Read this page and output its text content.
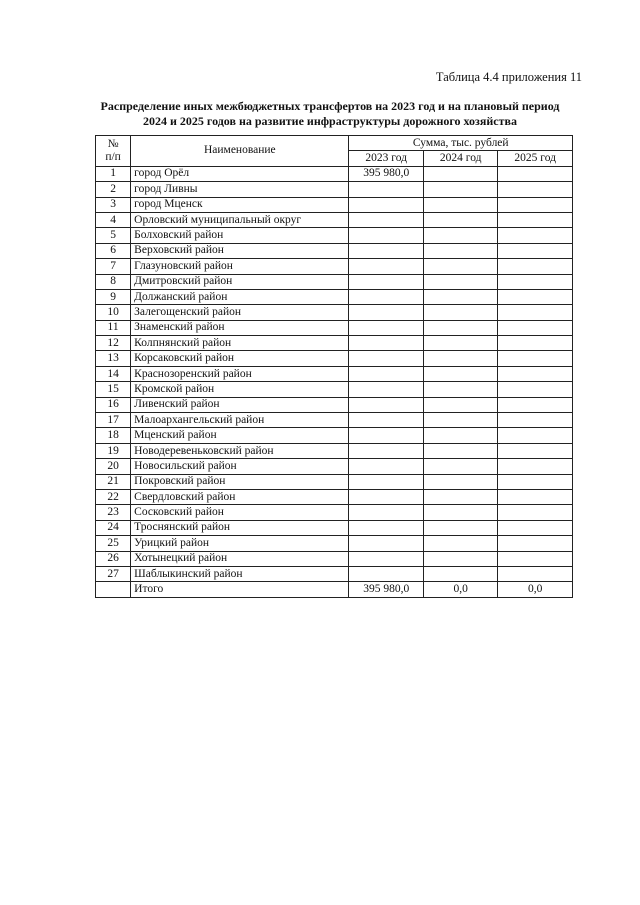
Таблица 4.4 приложения 11
Распределение иных межбюджетных трансфертов на 2023 год и на плановый период
2024 и 2025 годов на развитие инфраструктуры дорожного хозяйства
№
п/п	Наименование	Сумма, тыс. рублей		
		2023 год	2024 год	2025 год
1	город Орёл	395 980,0		
2	город Ливны			
3	город Мценск			
4	Орловский муниципальный округ			
5	Болховский район			
6	Верховский район			
7	Глазуновский район			
8	Дмитровский район			
9	Должанский район			
10	Залегощенский район			
11	Знаменский район			
12	Колпнянский район			
13	Корсаковский район			
14	Краснозоренский район			
15	Кромской район			
16	Ливенский район			
17	Малоархангельский район			
18	Мценский район			
19	Новодеревеньковский район			
20	Новосильский район			
21	Покровский район			
22	Свердловский район			
23	Сосковский район			
24	Троснянский район			
25	Урицкий район			
26	Хотынецкий район			
27	Шаблыкинский район			
	Итого	395 980,0	0,0	0,0
